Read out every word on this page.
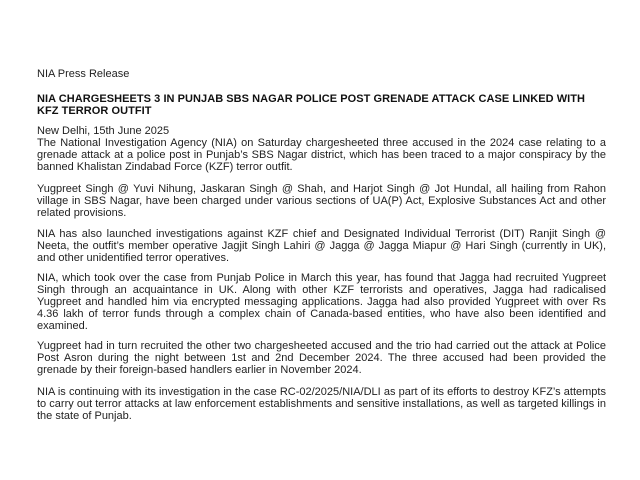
NIA Press Release
NIA CHARGESHEETS 3 IN PUNJAB SBS NAGAR POLICE POST GRENADE ATTACK CASE LINKED WITH KFZ TERROR OUTFIT
New Delhi, 15th June 2025

The National Investigation Agency (NIA) on Saturday chargesheeted three accused in the 2024 case relating to a grenade attack at a police post in Punjab’s SBS Nagar district, which has been traced to a major conspiracy by the banned Khalistan Zindabad Force (KZF) terror outfit.

Yugpreet Singh @ Yuvi Nihung, Jaskaran Singh @ Shah, and Harjot Singh @ Jot Hundal, all hailing from Rahon village in SBS Nagar, have been charged under various sections of UA(P) Act, Explosive Substances Act and other related provisions.

NIA has also launched investigations against KZF chief and Designated Individual Terrorist (DIT) Ranjit Singh @ Neeta, the outfit’s member operative Jagjit Singh Lahiri @ Jagga @ Jagga Miapur @ Hari Singh (currently in UK), and other unidentified terror operatives.

NIA, which took over the case from Punjab Police in March this year, has found that Jagga had recruited Yugpreet Singh through an acquaintance in UK. Along with other KZF terrorists and operatives, Jagga had radicalised Yugpreet and handled him via encrypted messaging applications. Jagga had also provided Yugpreet with over Rs 4.36 lakh of terror funds through a complex chain of Canada-based entities, who have also been identified and examined.

Yugpreet had in turn recruited the other two chargesheeted accused and the trio had carried out the attack at Police Post Asron during the night between 1st and 2nd December 2024. The three accused had been provided the grenade by their foreign-based handlers earlier in November 2024.

NIA is continuing with its investigation in the case RC-02/2025/NIA/DLI as part of its efforts to destroy KFZ’s attempts to carry out terror attacks at law enforcement establishments and sensitive installations, as well as targeted killings in the state of Punjab.
